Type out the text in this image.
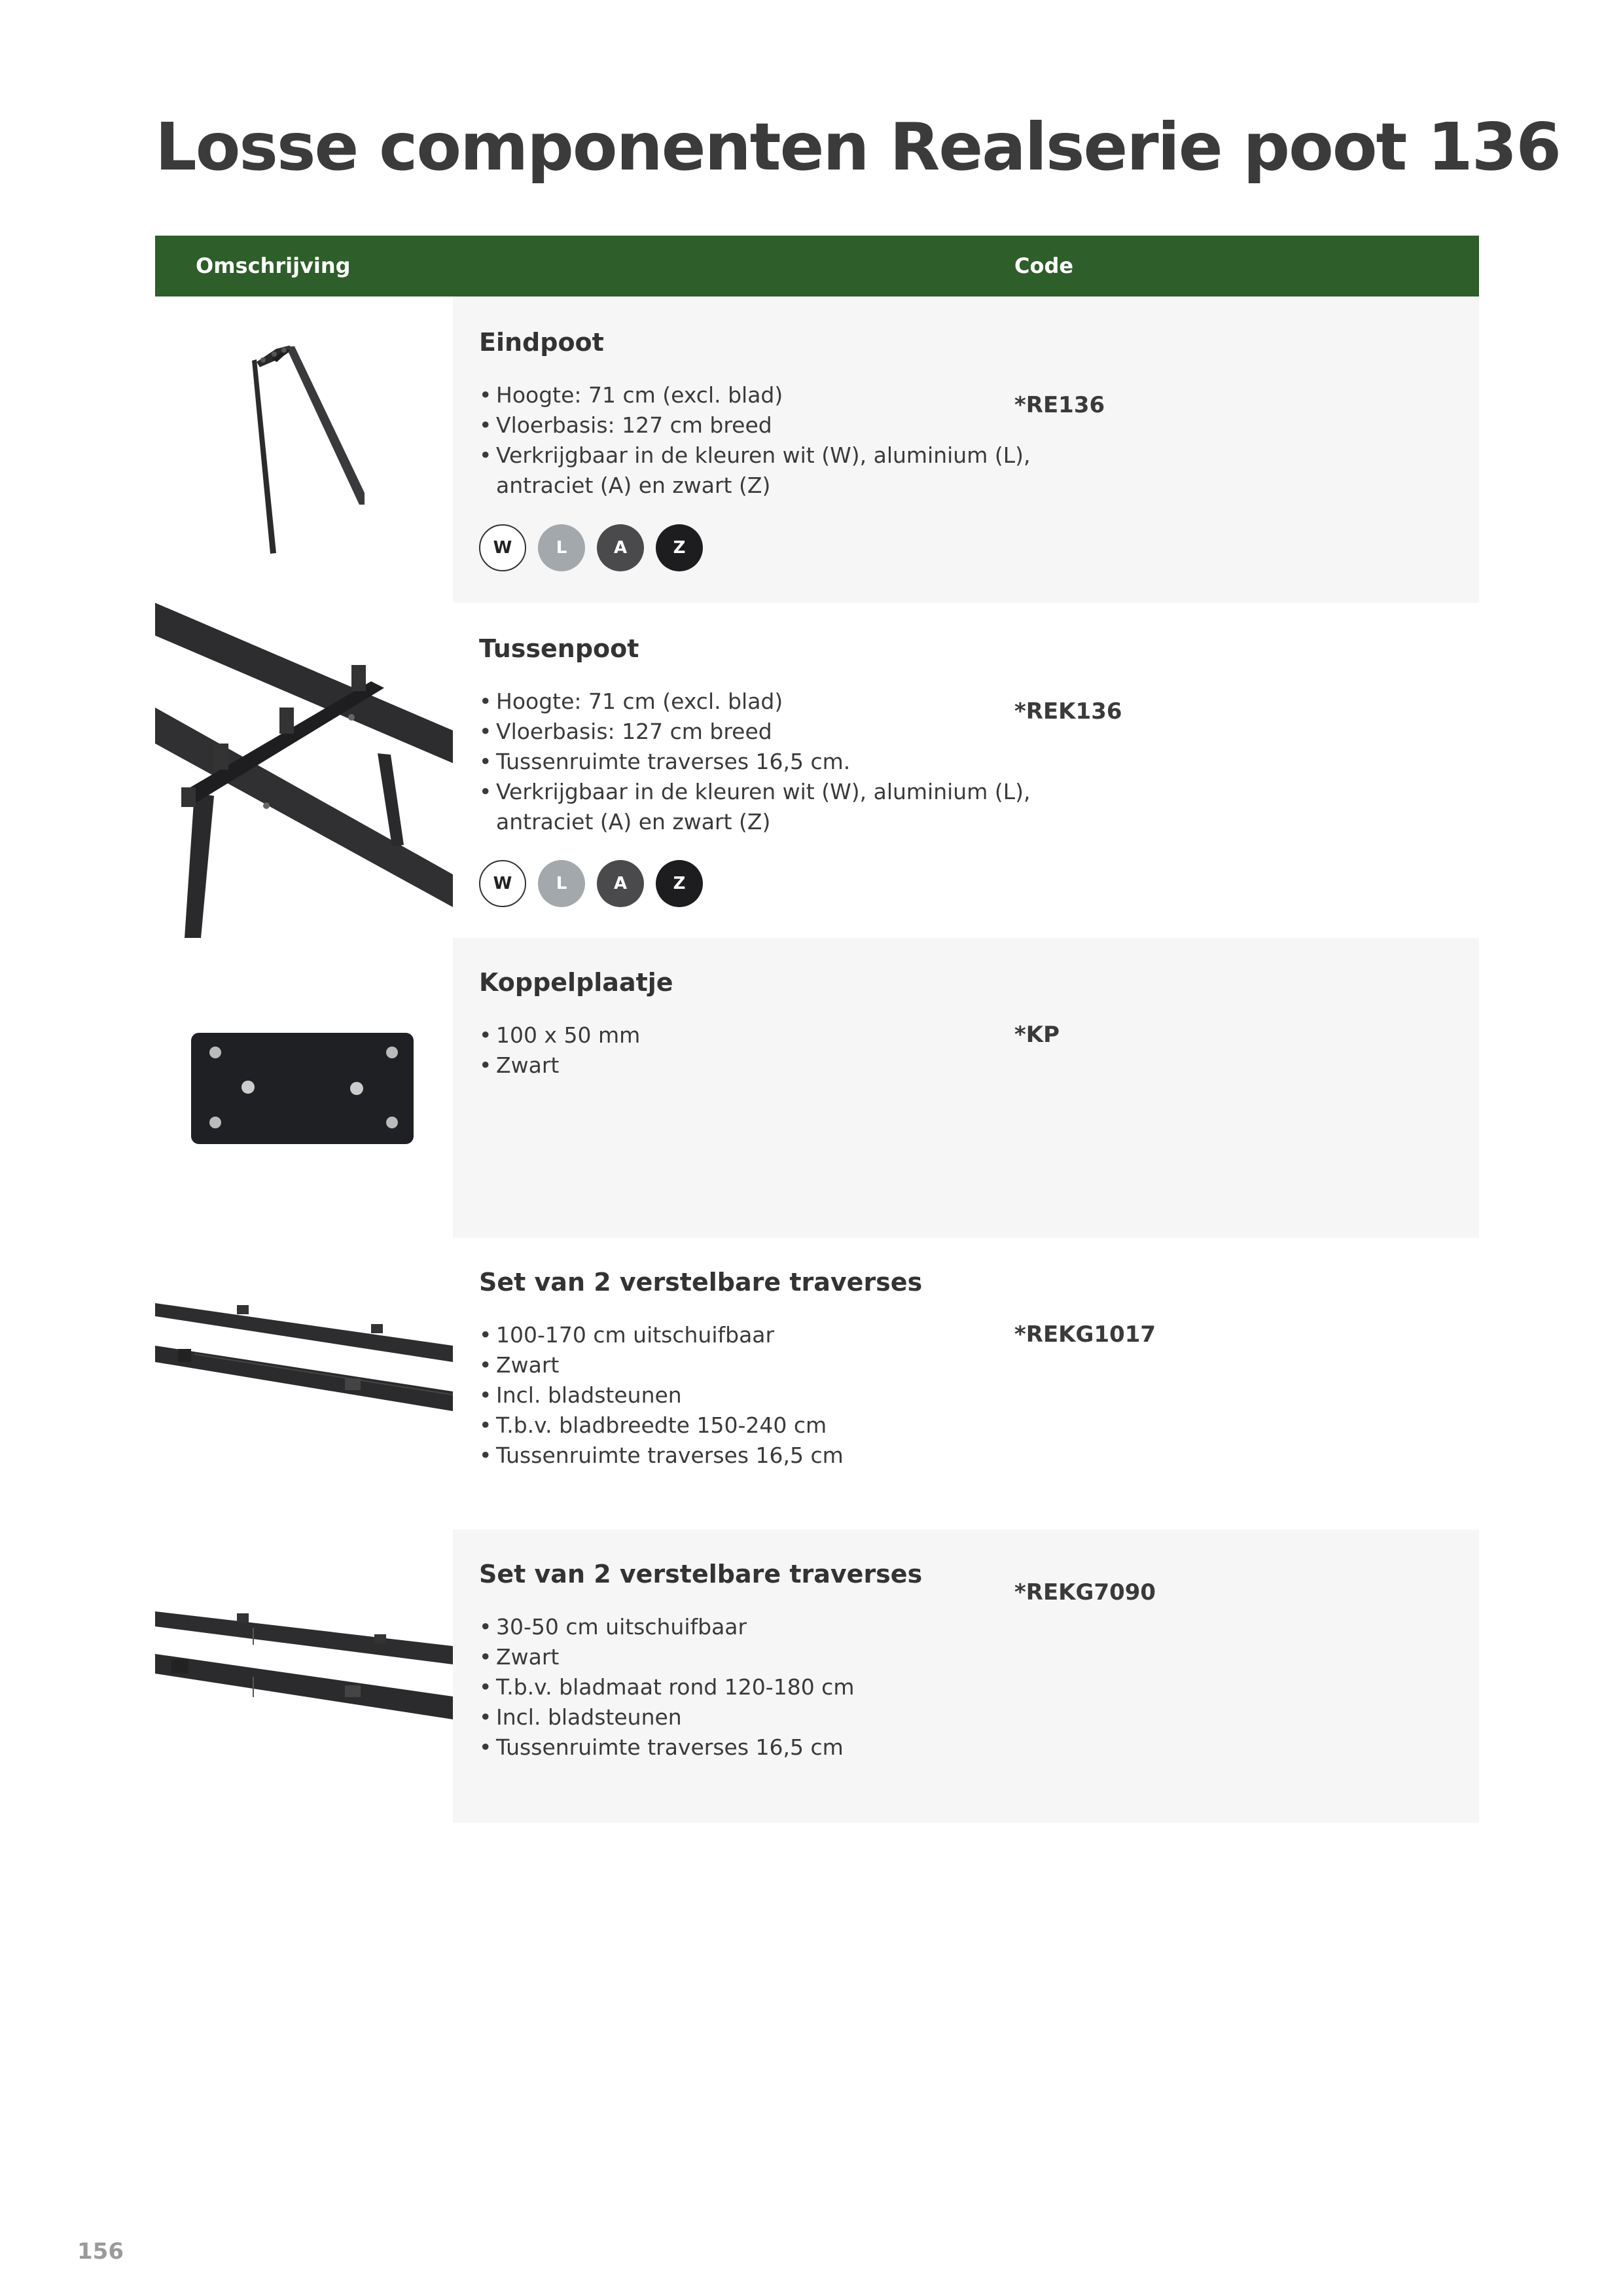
Losse componenten Realserie poot 136
Omschrijving	Code
Eindpoot
• Hoogte: 71 cm (excl. blad)
• Vloerbasis: 127 cm breed
• Verkrijgbaar in de kleuren wit (W), aluminium (L), antraciet (A) en zwart (Z)
*RE136
W	L	A	Z
Tussenpoot
• Hoogte: 71 cm (excl. blad)
• Vloerbasis: 127 cm breed
• Tussenruimte traverses 16,5 cm.
• Verkrijgbaar in de kleuren wit (W), aluminium (L), antraciet (A) en zwart (Z)
*REK136
W	L	A	Z
Koppelplaatje
• 100 x 50 mm
• Zwart
*KP
Set van 2 verstelbare traverses
• 100-170 cm uitschuifbaar
• Zwart
• Incl. bladsteunen
• T.b.v. bladbreedte 150-240 cm
• Tussenruimte traverses 16,5 cm
*REKG1017
Set van 2 verstelbare traverses
• 30-50 cm uitschuifbaar
• Zwart
• T.b.v. bladmaat rond 120-180 cm
• Incl. bladsteunen
• Tussenruimte traverses 16,5 cm
*REKG7090
156
